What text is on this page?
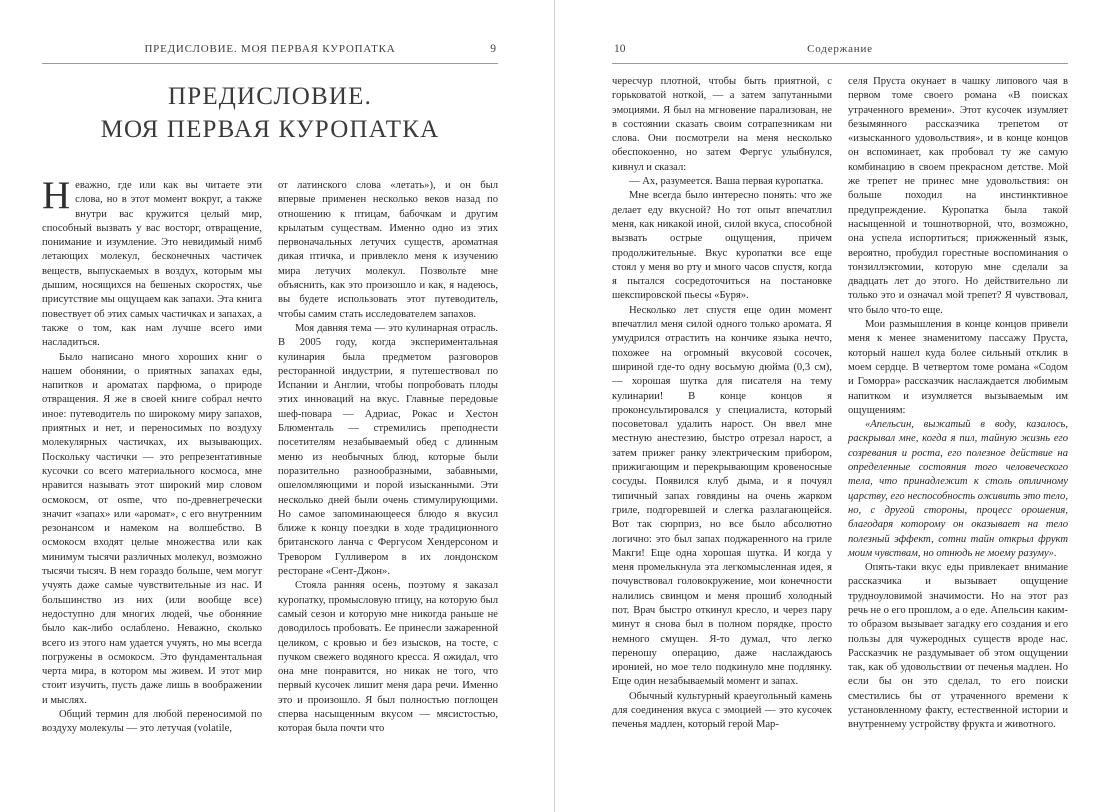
ПРЕДИСЛОВИЕ. МОЯ ПЕРВАЯ КУРОПАТКА	9
ПРЕДИСЛОВИЕ.
МОЯ ПЕРВАЯ КУРОПАТКА

Неважно, где или как вы читаете эти слова, но в этот момент вокруг, а также внутри вас кружится целый мир, способный вызвать у вас восторг, отвращение, понимание и изумление. Это невидимый нимб летающих молекул, бесконечных частичек веществ, выпускаемых в воздух, которым мы дышим, носящихся на бешеных скоростях, чье присутствие мы ощущаем как запахи. Эта книга повествует об этих самых частичках и запахах, а также о том, как нам лучше всего ими насладиться.

Было написано много хороших книг о нашем обонянии, о приятных запахах еды, напитков и ароматах парфюма, о природе отвращения. Я же в своей книге собрал нечто иное: путеводитель по широкому миру запахов, приятных и нет, и переносимых по воздуху молекулярных частичках, их вызывающих. Поскольку частички — это репрезентативные кусочки со всего материального космоса, мне нравится называть этот широкий мир словом осмокосм, от osme, что по-древнегречески значит «запах» или «аромат», с его внутренним резонансом и намеком на волшебство. В осмокосм входят целые множества или как минимум тысячи различных молекул, возможно тысячи тысяч. В нем гораздо больше, чем могут учуять даже самые чувствительные из нас. И большинство из них (или вообще все) недоступно для многих людей, чье обоняние было как-либо ослаблено. Неважно, сколько всего из этого нам удается учуять, но мы всегда погружены в осмокосм. Это фундаментальная черта мира, в котором мы живем. И этот мир стоит изучить, пусть даже лишь в воображении и мыслях.

Общий термин для любой переносимой по воздуху молекулы — это летучая (volatile,

от латинского слова «летать»), и он был впервые применен несколько веков назад по отношению к птицам, бабочкам и другим крылатым существам. Именно одно из этих первоначальных летучих существ, ароматная дикая птичка, и привлекло меня к изучению мира летучих молекул. Позвольте мне объяснить, как это произошло и как, я надеюсь, вы будете использовать этот путеводитель, чтобы самим стать исследователем запахов.

Моя давняя тема — это кулинарная отрасль. В 2005 году, когда экспериментальная кулинария была предметом разговоров ресторанной индустрии, я путешествовал по Испании и Англии, чтобы попробовать плоды этих инноваций на вкус. Главные передовые шеф-повара — Адриас, Рокас и Хестон Блюменталь — стремились преподнести посетителям незабываемый обед с длинным меню из необычных блюд, которые были поразительно разнообразными, забавными, ошеломляющими и порой изысканными. Эти несколько дней были очень стимулирующими. Но самое запоминающееся блюдо я вкусил ближе к концу поездки в ходе традиционного британского ланча с Фергусом Хендерсоном и Тревором Гулливером в их лондонском ресторане «Сент-Джон».

Стояла ранняя осень, поэтому я заказал куропатку, промысловую птицу, на которую был самый сезон и которую мне никогда раньше не доводилось пробовать. Ее принесли зажаренной целиком, с кровью и без изысков, на тосте, с пучком свежего водяного кресса. Я ожидал, что она мне понравится, но никак не того, что первый кусочек лишит меня дара речи. Именно это и произошло. Я был полностью поглощен сперва насыщенным вкусом — мясистостью, которая была почти что

10	Содержание

чересчур плотной, чтобы быть приятной, с горьковатой ноткой, — а затем запутанными эмоциями. Я был на мгновение парализован, не в состоянии сказать своим сотрапезникам ни слова. Они посмотрели на меня несколько обеспокоенно, но затем Фергус улыбнулся, кивнул и сказал:

— Ах, разумеется. Ваша первая куропатка.

Мне всегда было интересно понять: что же делает еду вкусной? Но тот опыт впечатлил меня, как никакой иной, силой вкуса, способной вызвать острые ощущения, причем продолжительные. Вкус куропатки все еще стоял у меня во рту и много часов спустя, когда я пытался сосредоточиться на постановке шекспировской пьесы «Буря».

Несколько лет спустя еще один момент впечатлил меня силой одного только аромата. Я умудрился отрастить на кончике языка нечто, похожее на огромный вкусовой сосочек, шириной где-то одну восьмую дюйма (0,3 см), — хорошая шутка для писателя на тему кулинарии! В конце концов я проконсультировался у специалиста, который посоветовал удалить нарост. Он ввел мне местную анестезию, быстро отрезал нарост, а затем прижег ранку электрическим прибором, прижигающим и перекрывающим кровеносные сосуды. Появился клуб дыма, и я почуял типичный запах говядины на очень жарком гриле, подгоревшей и слегка разлагающейся. Вот так сюрприз, но все было абсолютно логично: это был запах поджаренного на гриле Макги! Еще одна хорошая шутка. И когда у меня промелькнула эта легкомысленная идея, я почувствовал головокружение, мои конечности налились свинцом и меня прошиб холодный пот. Врач быстро откинул кресло, и через пару минут я снова был в полном порядке, просто немного смущен. Я-то думал, что легко переношу операцию, даже наслаждаюсь иронией, но мое тело подкинуло мне подлянку. Еще один незабываемый момент и запах.

Обычный культурный краеугольный камень для соединения вкуса с эмоцией — это кусочек печенья мадлен, который герой Мар-

селя Пруста окунает в чашку липового чая в первом томе своего романа «В поисках утраченного времени». Этот кусочек изумляет безымянного рассказчика трепетом от «изысканного удовольствия», и в конце концов он вспоминает, как пробовал ту же самую комбинацию в своем прекрасном детстве. Мой же трепет не принес мне удовольствия: он больше походил на инстинктивное предупреждение. Куропатка была такой насыщенной и тошнотворной, что, возможно, она успела испортиться; прижженный язык, вероятно, пробудил горестные воспоминания о тонзиллэктомии, которую мне сделали за двадцать лет до этого. Но действительно ли только это и означал мой трепет? Я чувствовал, что было что-то еще.

Мои размышления в конце концов привели меня к менее знаменитому пассажу Пруста, который нашел куда более сильный отклик в моем сердце. В четвертом томе романа «Содом и Гоморра» рассказчик наслаждается любимым напитком и изумляется вызываемым им ощущениям:

«Апельсин, выжатый в воду, казалось, раскрывал мне, когда я пил, тайную жизнь его созревания и роста, его полезное действие на определенные состояния того человеческого тела, что принадлежит к столь отличному царству, его неспособность оживить это тело, но, с другой стороны, процесс орошения, благодаря которому он оказывает на тело полезный эффект, сотни тайн открыл фрукт моим чувствам, но отнюдь не моему разуму».

Опять-таки вкус еды привлекает внимание рассказчика и вызывает ощущение трудноуловимой значимости. Но на этот раз речь не о его прошлом, а о еде. Апельсин каким-то образом вызывает загадку его создания и его пользы для чужеродных существ вроде нас. Рассказчик не раздумывает об этом ощущении так, как об удовольствии от печенья мадлен. Но если бы он это сделал, то его поиски сместились бы от утраченного времени к установленному факту, естественной истории и внутреннему устройству фрукта и животного.
